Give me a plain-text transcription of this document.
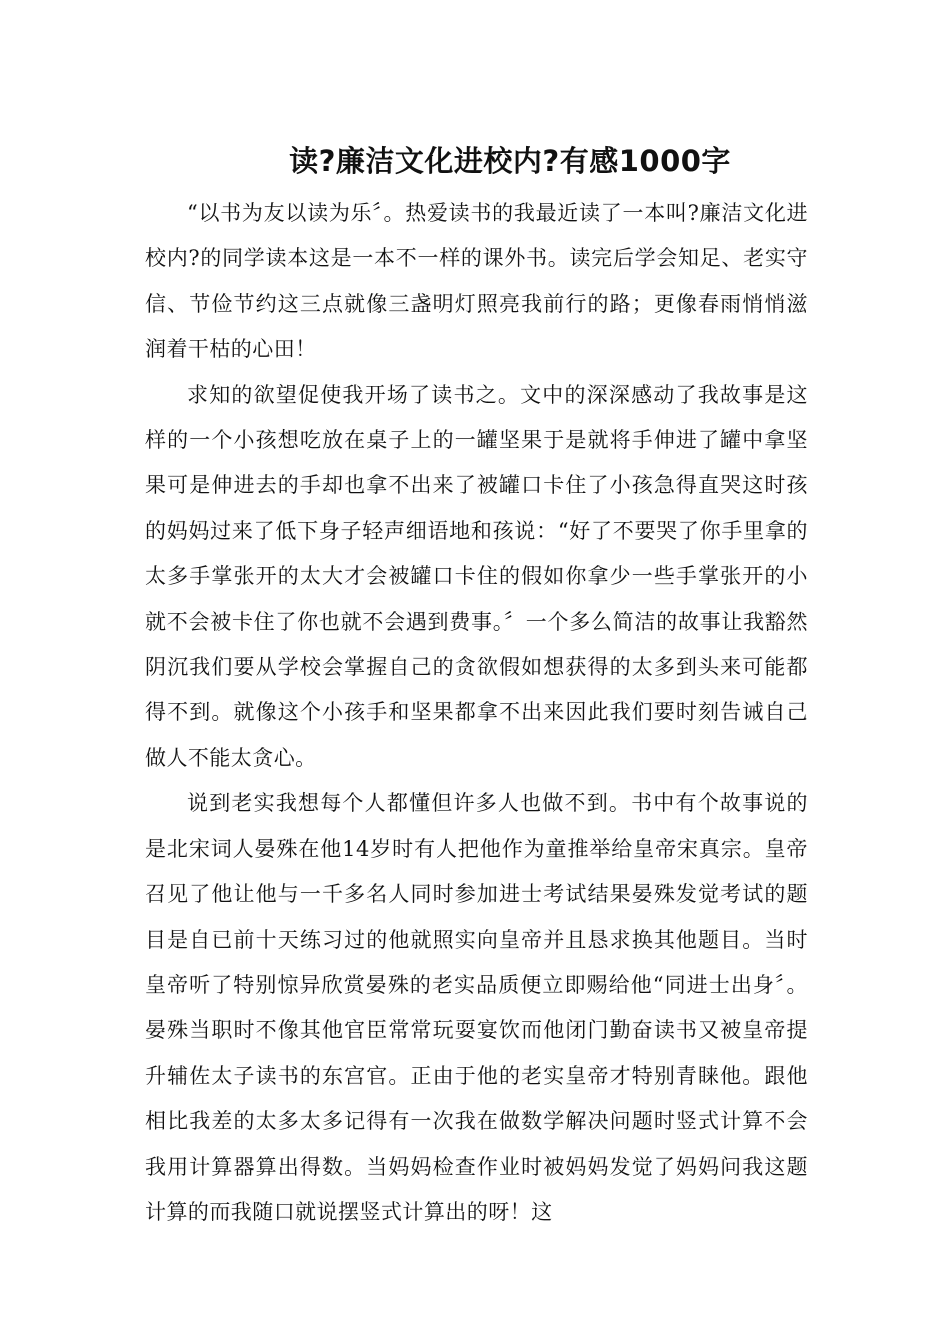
读?廉洁文化进校内?有感1000字

“以书为友以读为乐〞。热爱读书的我最近读了一本叫?廉洁文化进校内?的同学读本这是一本不一样的课外书。读完后学会知足、老实守信、节俭节约这三点就像三盏明灯照亮我前行的路；更像春雨悄悄滋润着干枯的心田！

求知的欲望促使我开场了读书之。文中的深深感动了我故事是这样的一个小孩想吃放在桌子上的一罐坚果于是就将手伸进了罐中拿坚果可是伸进去的手却也拿不出来了被罐口卡住了小孩急得直哭这时孩的妈妈过来了低下身子轻声细语地和孩说：“好了不要哭了你手里拿的太多手掌张开的太大才会被罐口卡住的假如你拿少一些手掌张开的小就不会被卡住了你也就不会遇到费事。〞一个多么简洁的故事让我豁然阴沉我们要从学校会掌握自己的贪欲假如想获得的太多到头来可能都得不到。就像这个小孩手和坚果都拿不出来因此我们要时刻告诫自己做人不能太贪心。

说到老实我想每个人都懂但许多人也做不到。书中有个故事说的是北宋词人晏殊在他14岁时有人把他作为童推举给皇帝宋真宗。皇帝召见了他让他与一千多名人同时参加进士考试结果晏殊发觉考试的题目是自已前十天练习过的他就照实向皇帝并且恳求换其他题目。当时皇帝听了特别惊异欣赏晏殊的老实品质便立即赐给他“同进士出身〞。晏殊当职时不像其他官臣常常玩耍宴饮而他闭门勤奋读书又被皇帝提升辅佐太子读书的东宫官。正由于他的老实皇帝才特别青睐他。跟他相比我差的太多太多记得有一次我在做数学解决问题时竖式计算不会我用计算器算出得数。当妈妈检查作业时被妈妈发觉了妈妈问我这题计算的而我随口就说摆竖式计算出的呀！这
